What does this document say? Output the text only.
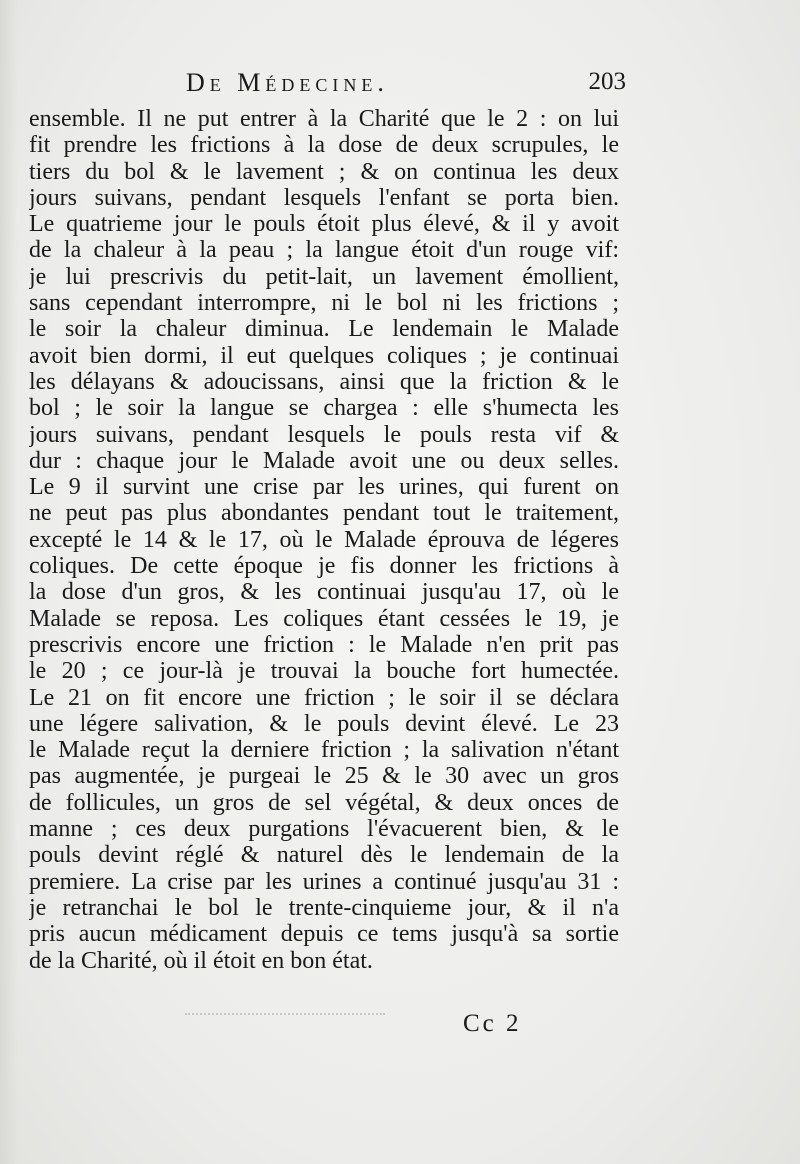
De Médecine.	203
ensemble. Il ne put entrer à la Charité que le 2 : on lui
fit prendre les frictions à la dose de deux scrupules, le
tiers du bol & le lavement ; & on continua les deux
jours suivans, pendant lesquels l'enfant se porta bien.
Le quatrieme jour le pouls étoit plus élevé, & il y avoit
de la chaleur à la peau ; la langue étoit d'un rouge vif:
je lui prescrivis du petit-lait, un lavement émollient,
sans cependant interrompre, ni le bol ni les frictions ;
le soir la chaleur diminua. Le lendemain le Malade
avoit bien dormi, il eut quelques coliques ; je continuai
les délayans & adoucissans, ainsi que la friction & le
bol ; le soir la langue se chargea : elle s'humecta les
jours suivans, pendant lesquels le pouls resta vif &
dur : chaque jour le Malade avoit une ou deux selles.
Le 9 il survint une crise par les urines, qui furent on
ne peut pas plus abondantes pendant tout le traitement,
excepté le 14 & le 17, où le Malade éprouva de légeres
coliques. De cette époque je fis donner les frictions à
la dose d'un gros, & les continuai jusqu'au 17, où le
Malade se reposa. Les coliques étant cessées le 19, je
prescrivis encore une friction : le Malade n'en prit pas
le 20 ; ce jour-là je trouvai la bouche fort humectée.
Le 21 on fit encore une friction ; le soir il se déclara
une légere salivation, & le pouls devint élevé. Le 23
le Malade reçut la derniere friction ; la salivation n'étant
pas augmentée, je purgeai le 25 & le 30 avec un gros
de follicules, un gros de sel végétal, & deux onces de
manne ; ces deux purgations l'évacuerent bien, & le
pouls devint réglé & naturel dès le lendemain de la
premiere. La crise par les urines a continué jusqu'au 31 :
je retranchai le bol le trente-cinquieme jour, & il n'a
pris aucun médicament depuis ce tems jusqu'à sa sortie
de la Charité, où il étoit en bon état.
Cc 2
